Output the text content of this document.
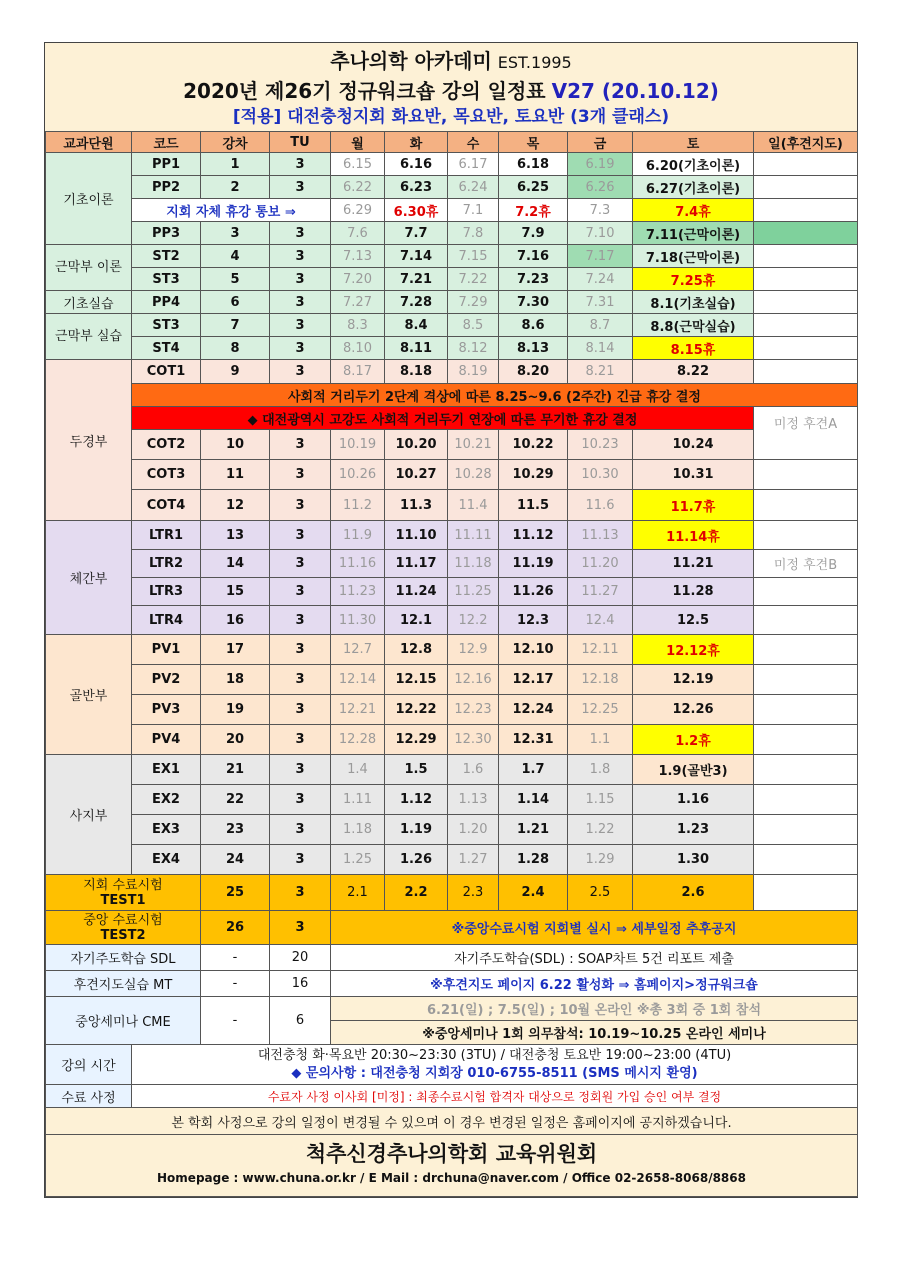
추나의학 아카데미 EST.1995
2020년 제26기 정규워크숍 강의 일정표 V27 (20.10.12)
[적용] 대전충청지회 화요반, 목요반, 토요반 (3개 클래스)
교과단원	코드	강차	TU	월	화	수	목	금	토	일(후견지도)
기초이론	PP1	1	3	6.15	6.16	6.17	6.18	6.19	6.20(기초이론)	
	PP2	2	3	6.22	6.23	6.24	6.25	6.26	6.27(기초이론)	
	지회 자체 휴강 통보 ⇒			6.29	6.30휴	7.1	7.2휴	7.3	7.4휴	
	PP3	3	3	7.6	7.7	7.8	7.9	7.10	7.11(근막이론)	
근막부 이론	ST2	4	3	7.13	7.14	7.15	7.16	7.17	7.18(근막이론)	
	ST3	5	3	7.20	7.21	7.22	7.23	7.24	7.25휴	
기초실습	PP4	6	3	7.27	7.28	7.29	7.30	7.31	8.1(기초실습)	
근막부 실습	ST3	7	3	8.3	8.4	8.5	8.6	8.7	8.8(근막실습)	
	ST4	8	3	8.10	8.11	8.12	8.13	8.14	8.15휴	
두경부	COT1	9	3	8.17	8.18	8.19	8.20	8.21	8.22	
	사회적 거리두기 2단계 격상에 따른 8.25~9.6 (2주간) 긴급 휴강 결정									
	◆ 대전광역시 고강도 사회적 거리두기 연장에 따른 무기한 휴강 결정									미정 후견A
	COT2	10	3	10.19	10.20	10.21	10.22	10.23	10.24	
	COT3	11	3	10.26	10.27	10.28	10.29	10.30	10.31	
	COT4	12	3	11.2	11.3	11.4	11.5	11.6	11.7휴	
체간부	LTR1	13	3	11.9	11.10	11.11	11.12	11.13	11.14휴	
	LTR2	14	3	11.16	11.17	11.18	11.19	11.20	11.21	미정 후견B
	LTR3	15	3	11.23	11.24	11.25	11.26	11.27	11.28	
	LTR4	16	3	11.30	12.1	12.2	12.3	12.4	12.5	
골반부	PV1	17	3	12.7	12.8	12.9	12.10	12.11	12.12휴	
	PV2	18	3	12.14	12.15	12.16	12.17	12.18	12.19	
	PV3	19	3	12.21	12.22	12.23	12.24	12.25	12.26	
	PV4	20	3	12.28	12.29	12.30	12.31	1.1	1.2휴	
사지부	EX1	21	3	1.4	1.5	1.6	1.7	1.8	1.9(골반3)	
	EX2	22	3	1.11	1.12	1.13	1.14	1.15	1.16	
	EX3	23	3	1.18	1.19	1.20	1.21	1.22	1.23	
	EX4	24	3	1.25	1.26	1.27	1.28	1.29	1.30	
지회 수료시험
TEST1		25	3	2.1	2.2	2.3	2.4	2.5	2.6	
중앙 수료시험
TEST2		26	3	※중앙수료시험 지회별 실시 ⇒ 세부일정 추후공지						
자기주도학습 SDL		-	20	자기주도학습(SDL) : SOAP차트 5건 리포트 제출						
후견지도실습 MT		-	16	※후견지도 페이지 6.22 활성화 ⇒ 홈페이지>정규워크숍						
중앙세미나 CME		-	6	6.21(일) ; 7.5(일) ; 10월 온라인 ※총 3회 중 1회 참석						
				※중앙세미나 1회 의무참석: 10.19~10.25 온라인 세미나						
강의 시간	대전충청 화·목요반 20:30~23:30 (3TU) / 대전충청 토요반 19:00~23:00 (4TU)
◆ 문의사항 : 대전충청 지회장 010-6755-8511 (SMS 메시지 환영)									
수료 사정	수료자 사정 이사회 [미정] : 최종수료시험 합격자 대상으로 정회원 가입 승인 여부 결정									
본 학회 사정으로 강의 일정이 변경될 수 있으며 이 경우 변경된 일정은 홈페이지에 공지하겠습니다.										

척추신경추나의학회 교육위원회
Homepage : www.chuna.or.kr / E Mail : drchuna@naver.com / Office 02-2658-8068/8868										
